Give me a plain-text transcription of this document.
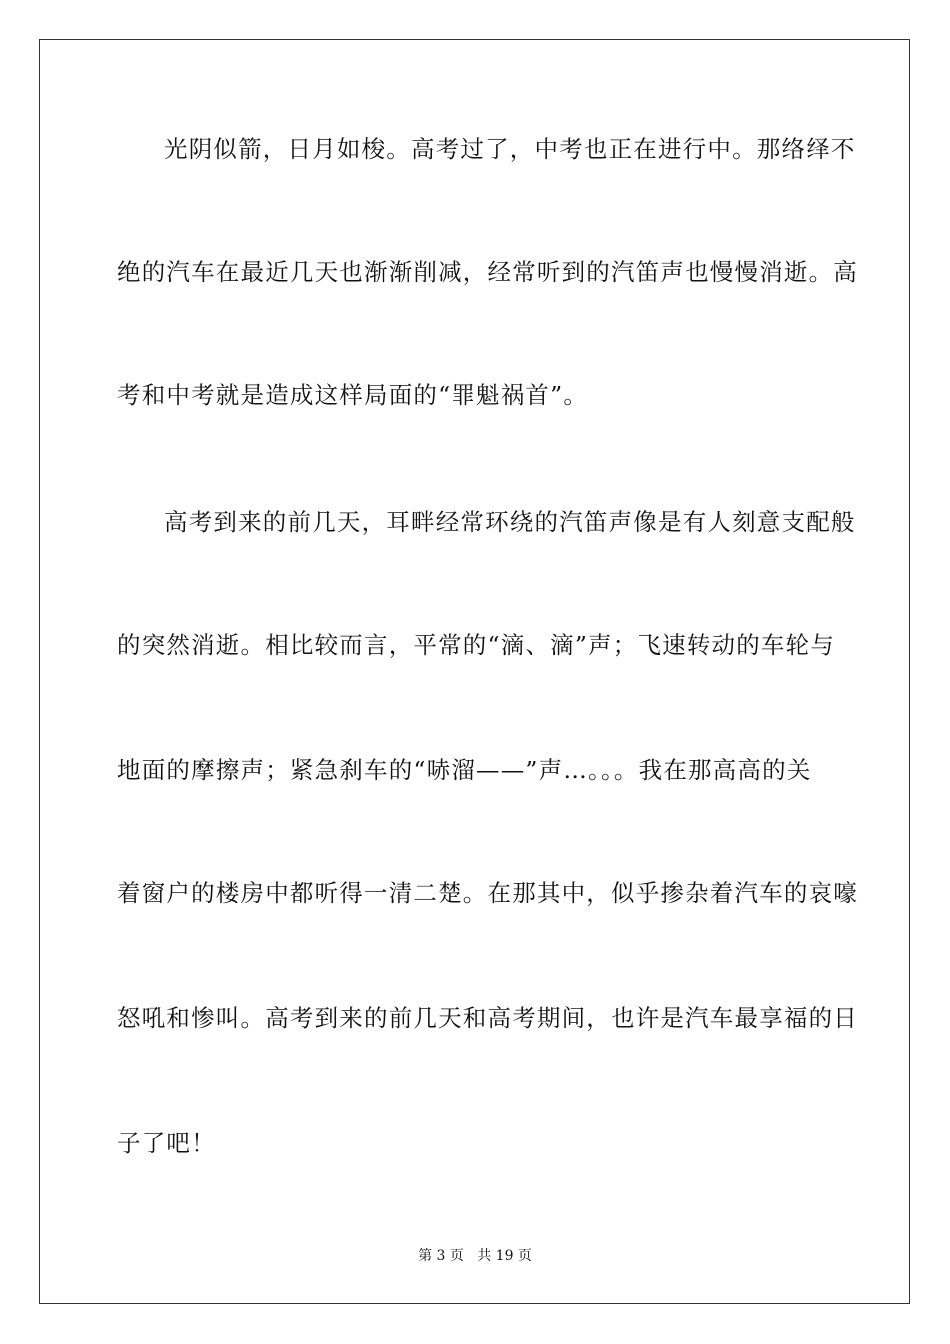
光阴似箭，日月如梭。高考过了，中考也正在进行中。那络绎不
绝的汽车在最近几天也渐渐削减，经常听到的汽笛声也慢慢消逝。高
考和中考就是造成这样局面的“罪魁祸首”。
高考到来的前几天，耳畔经常环绕的汽笛声像是有人刻意支配般
的突然消逝。相比较而言，平常的“滴、滴”声；飞速转动的车轮与
地面的摩擦声；紧急刹车的“哧溜——”声…。。。我在那高高的关
着窗户的楼房中都听得一清二楚。在那其中，似乎掺杂着汽车的哀嚎
怒吼和惨叫。高考到来的前几天和高考期间，也许是汽车最享福的日
子了吧！
第 3 页   共 19 页
